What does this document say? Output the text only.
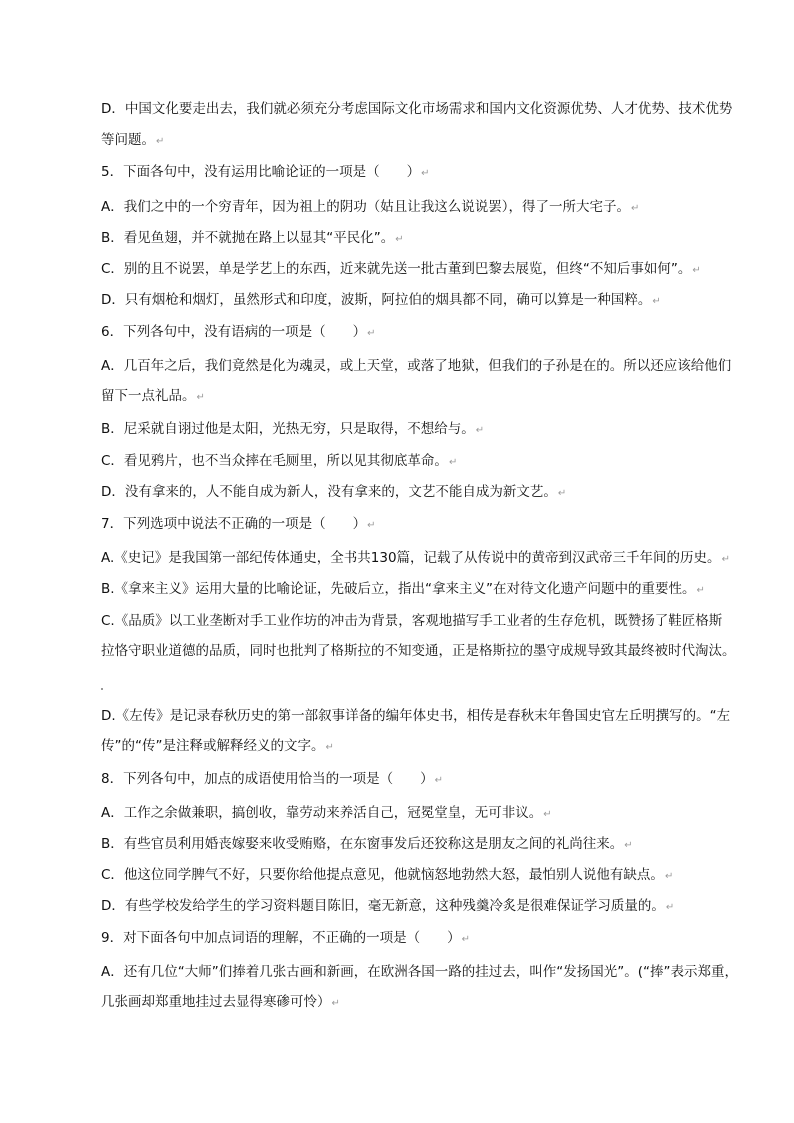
D．中国文化要走出去，我们就必须充分考虑国际文化市场需求和国内文化资源优势、人才优势、技术优势
等问题。↵
5．下面各句中，没有运用比喻论证的一项是（　　）↵
A．我们之中的一个穷青年，因为祖上的阴功（姑且让我这么说说罢），得了一所大宅子。↵
B．看见鱼翅，并不就抛在路上以显其“平民化”。↵
C．别的且不说罢，单是学艺上的东西，近来就先送一批古董到巴黎去展览，但终“不知后事如何”。↵
D．只有烟枪和烟灯，虽然形式和印度，波斯，阿拉伯的烟具都不同，确可以算是一种国粹。↵
6．下列各句中，没有语病的一项是（　　）↵
A．几百年之后，我们竟然是化为魂灵，或上天堂，或落了地狱，但我们的子孙是在的。所以还应该给他们
留下一点礼品。↵
B．尼采就自诩过他是太阳，光热无穷，只是取得，不想给与。↵
C．看见鸦片，也不当众摔在毛厕里，所以见其彻底革命。↵
D．没有拿来的，人不能自成为新人，没有拿来的，文艺不能自成为新文艺。↵
7．下列选项中说法不正确的一项是（　　）↵
A.《史记》是我国第一部纪传体通史，全书共130篇，记载了从传说中的黄帝到汉武帝三千年间的历史。↵
B.《拿来主义》运用大量的比喻论证，先破后立，指出“拿来主义”在对待文化遗产问题中的重要性。↵
C.《品质》以工业垄断对手工业作坊的冲击为背景，客观地描写手工业者的生存危机，既赞扬了鞋匠格斯
拉恪守职业道德的品质，同时也批判了格斯拉的不知变通，正是格斯拉的墨守成规导致其最终被时代淘汰。
D.《左传》是记录春秋历史的第一部叙事详备的编年体史书，相传是春秋末年鲁国史官左丘明撰写的。“左
传”的“传”是注释或解释经义的文字。↵
8．下列各句中，加点的成语使用恰当的一项是（　　）↵
A．工作之余做兼职，搞创收，靠劳动来养活自己，冠冕堂皇，无可非议。↵
B．有些官员利用婚丧嫁娶来收受贿赂，在东窗事发后还狡称这是朋友之间的礼尚往来。↵
C．他这位同学脾气不好，只要你给他提点意见，他就恼怒地勃然大怒，最怕别人说他有缺点。↵
D．有些学校发给学生的学习资料题目陈旧，毫无新意，这种残羹冷炙是很难保证学习质量的。↵
9．对下面各句中加点词语的理解，不正确的一项是（　　）↵
A．还有几位“大师”们捧着几张古画和新画，在欧洲各国一路的挂过去，叫作“发扬国光”。(“捧”表示郑重，
几张画却郑重地挂过去显得寒碜可怜）↵
